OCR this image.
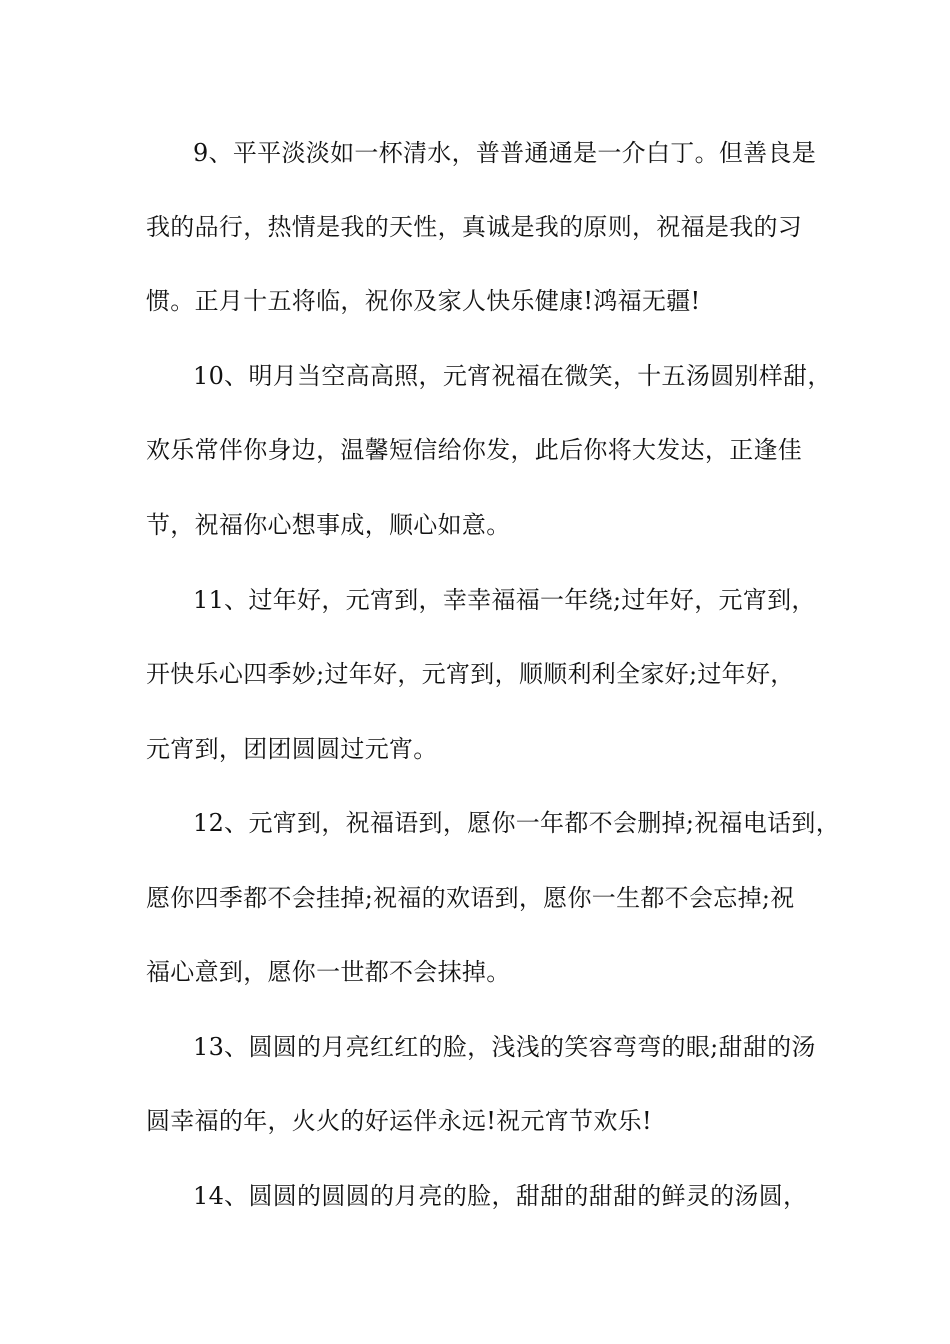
9、平平淡淡如一杯清水，普普通通是一介白丁。但善良是
我的品行，热情是我的天性，真诚是我的原则，祝福是我的习
惯。正月十五将临，祝你及家人快乐健康!鸿福无疆!
10、明月当空高高照，元宵祝福在微笑，十五汤圆别样甜，
欢乐常伴你身边，温馨短信给你发，此后你将大发达，正逢佳
节，祝福你心想事成，顺心如意。
11、过年好，元宵到，幸幸福福一年绕;过年好，元宵到，
开快乐心四季妙;过年好，元宵到，顺顺利利全家好;过年好，
元宵到，团团圆圆过元宵。
12、元宵到，祝福语到，愿你一年都不会删掉;祝福电话到，
愿你四季都不会挂掉;祝福的欢语到，愿你一生都不会忘掉;祝
福心意到，愿你一世都不会抹掉。
13、圆圆的月亮红红的脸，浅浅的笑容弯弯的眼;甜甜的汤
圆幸福的年，火火的好运伴永远!祝元宵节欢乐!
14、圆圆的圆圆的月亮的脸，甜甜的甜甜的鲜灵的汤圆，
